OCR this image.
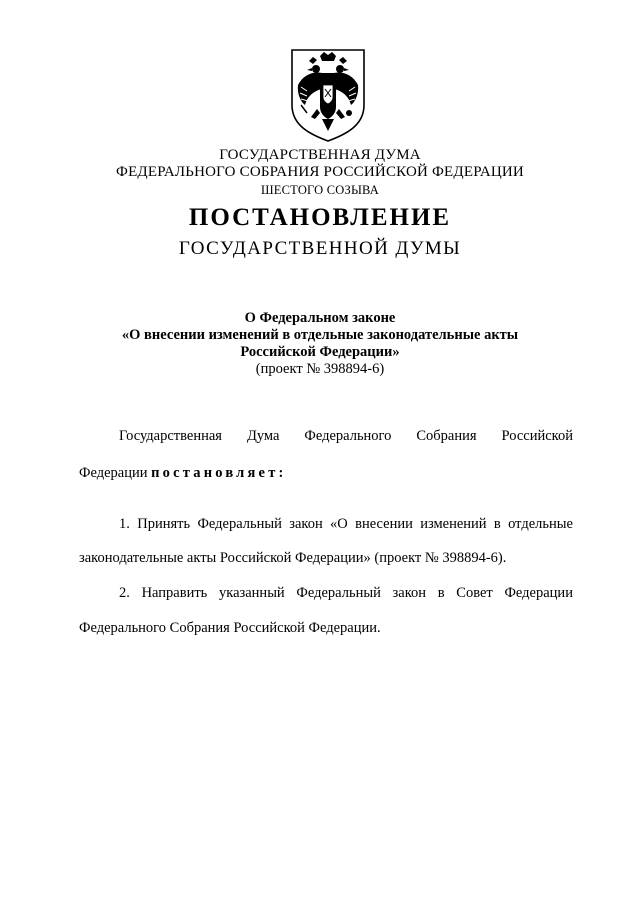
ГОСУДАРСТВЕННАЯ ДУМА
ФЕДЕРАЛЬНОГО СОБРАНИЯ РОССИЙСКОЙ ФЕДЕРАЦИИ
ШЕСТОГО СОЗЫВА
ПОСТАНОВЛЕНИЕ
ГОСУДАРСТВЕННОЙ ДУМЫ
О Федеральном законе
«О внесении изменений в отдельные законодательные акты
Российской Федерации»
(проект № 398894-6)
Государственная Дума Федерального Собрания Российской
Федерации постановляет:
1. Принять Федеральный закон «О внесении изменений в отдельные
законодательные акты Российской Федерации» (проект № 398894-6).
2. Направить указанный Федеральный закон в Совет Федерации
Федерального Собрания Российской Федерации.
